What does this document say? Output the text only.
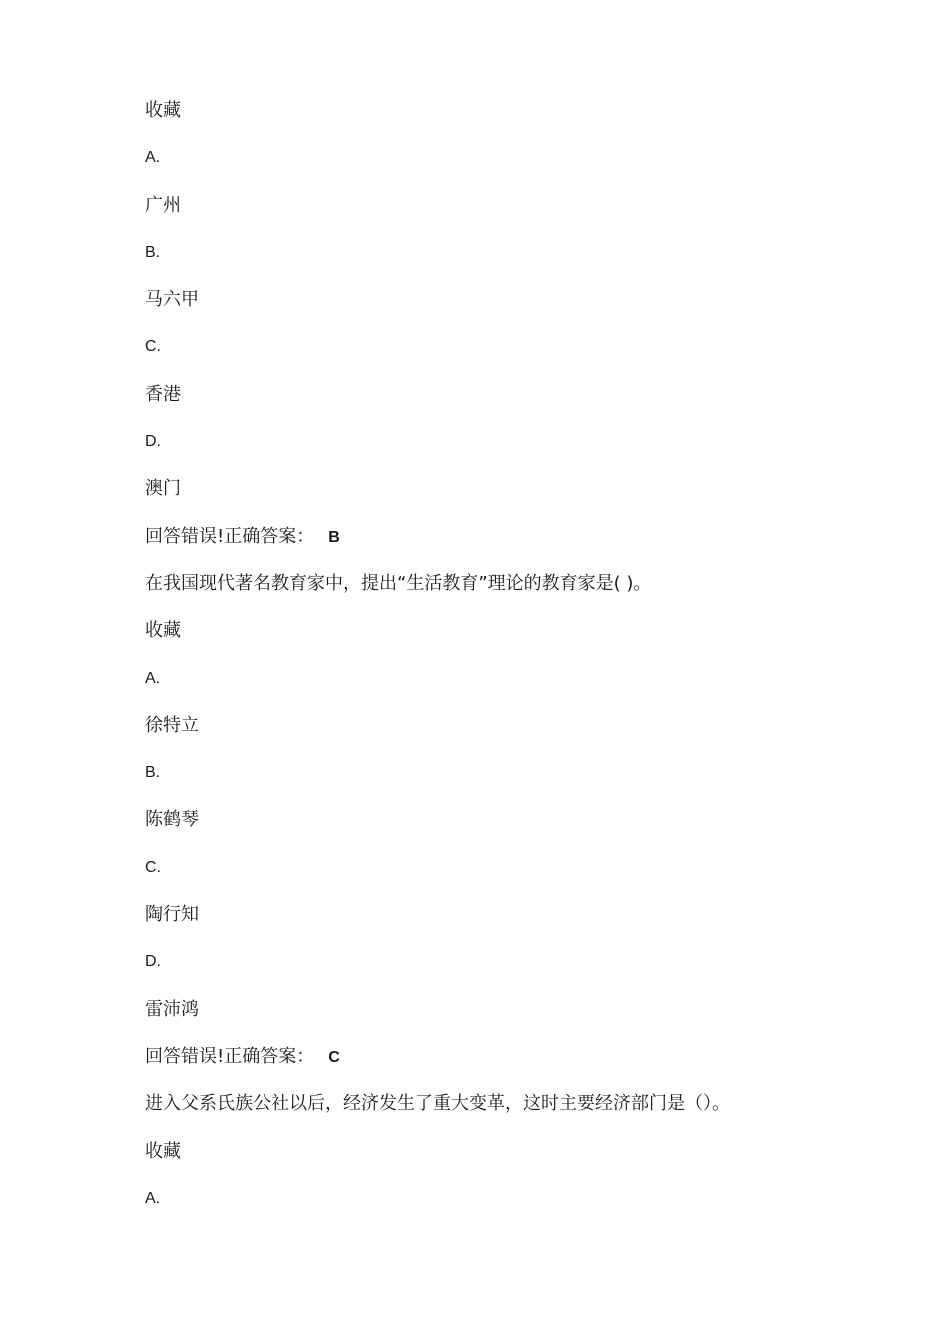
收藏
A.
广州
B.
马六甲
C.
香港
D.
澳门
回答错误!正确答案： B
在我国现代著名教育家中，提出“生活教育”理论的教育家是( )。
收藏
A.
徐特立
B.
陈鹤琴
C.
陶行知
D.
雷沛鸿
回答错误!正确答案： C
进入父系氏族公社以后，经济发生了重大变革，这时主要经济部门是（）。
收藏
A.
